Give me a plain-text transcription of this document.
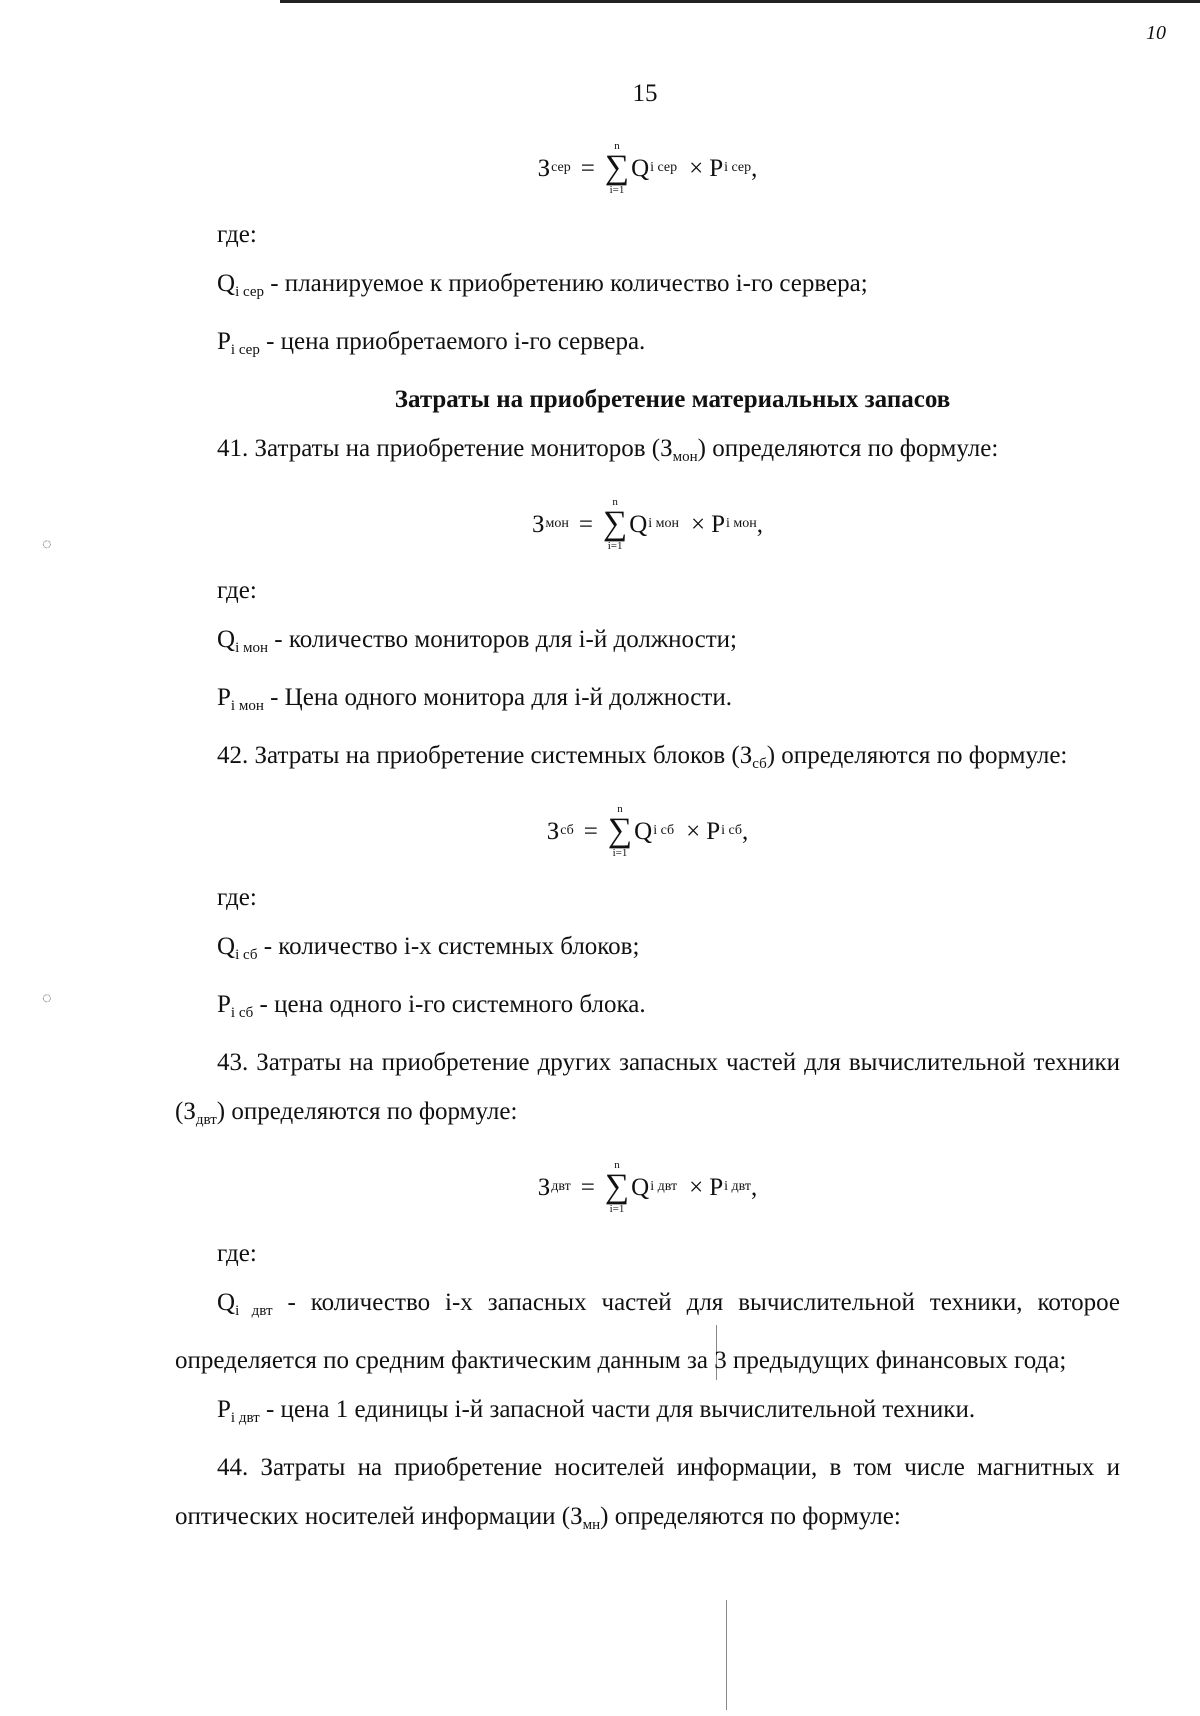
10
15
◌
◌
З сер =
n
∑
i=1
Q i сер × P i сер ,

где:

$Q_{i сер}$ - планируемое к приобретению количество i-го сервера;

$P_{i сер}$ - цена приобретаемого i-го сервера.

Затраты на приобретение материальных запасов

41. Затраты на приобретение мониторов $(З_{мон})$ определяются по формуле:

З мон =
n
∑
i=1
Q i мон × P i мон ,

где:

$Q_{i мон}$ - количество мониторов для i-й должности;

$P_{i мон}$ - Цена одного монитора для i-й должности.

42. Затраты на приобретение системных блоков $(З_{сб})$ определяются по формуле:

З сб =
n
∑
i=1
Q i сб × P i сб ,

где:

$Q_{i сб}$ - количество i-х системных блоков;

$P_{i сб}$ - цена одного i-го системного блока.

43. Затраты на приобретение других запасных частей для вычислительной техники $(З_{двт})$ определяются по формуле:

З двт =
n
∑
i=1
Q i двт × P i двт ,

где:

$Q_{i двт}$ - количество i-х запасных частей для вычислительной техники, которое определяется по средним фактическим данным за 3 предыдущих финансовых года;

$P_{i двт}$ - цена 1 единицы i-й запасной части для вычислительной техники.

44. Затраты на приобретение носителей информации, в том числе магнитных и оптических носителей информации $(З_{мн})$ определяются по формуле:
